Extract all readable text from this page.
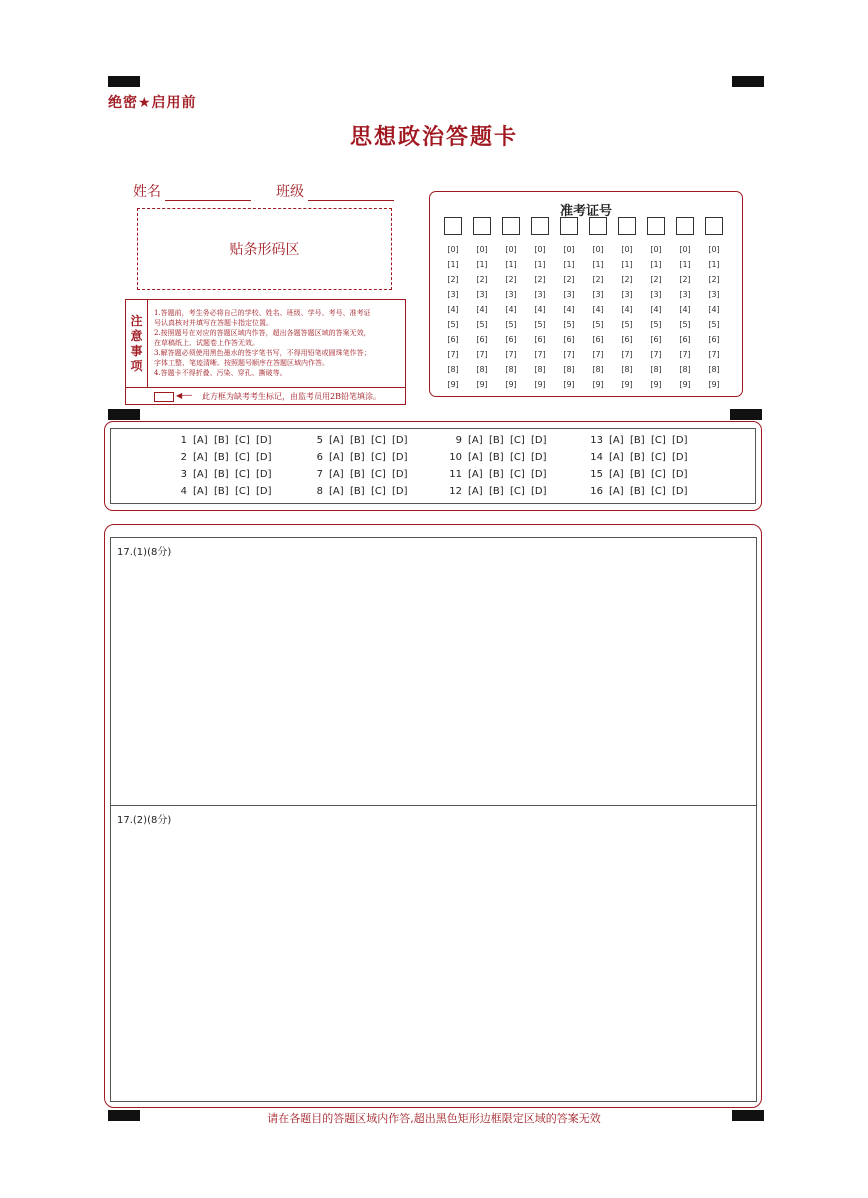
绝密★启用前
思想政治答题卡
姓名	班级
贴条形码区
注
意
事
项
1.答题前，考生务必将自己的学校、姓名、班级、学号、考号、准考证
号认真核对并填写在答题卡指定位置。
2.按照题号在对应的答题区域内作答，超出各题答题区域的答案无效，
在草稿纸上、试题卷上作答无效。
3.解答题必须使用黑色墨水的签字笔书写，不得用铅笔或圆珠笔作答；
字体工整、笔迹清晰。按照题号顺序在答题区域内作答。
4.答题卡不得折叠、污染、穿孔、撕破等。
◀── 此方框为缺考考生标记，由监考员用2B铅笔填涂。
准考证号
[0]
[1]
[2]
[3]
[4]
[5]
[6]
[7]
[8]
[9]
[0]
[1]
[2]
[3]
[4]
[5]
[6]
[7]
[8]
[9]
[0]
[1]
[2]
[3]
[4]
[5]
[6]
[7]
[8]
[9]
[0]
[1]
[2]
[3]
[4]
[5]
[6]
[7]
[8]
[9]
[0]
[1]
[2]
[3]
[4]
[5]
[6]
[7]
[8]
[9]
[0]
[1]
[2]
[3]
[4]
[5]
[6]
[7]
[8]
[9]
[0]
[1]
[2]
[3]
[4]
[5]
[6]
[7]
[8]
[9]
[0]
[1]
[2]
[3]
[4]
[5]
[6]
[7]
[8]
[9]
[0]
[1]
[2]
[3]
[4]
[5]
[6]
[7]
[8]
[9]
[0]
[1]
[2]
[3]
[4]
[5]
[6]
[7]
[8]
[9]
1 [A] [B] [C] [D]
2 [A] [B] [C] [D]
3 [A] [B] [C] [D]
4 [A] [B] [C] [D]
5 [A] [B] [C] [D]
6 [A] [B] [C] [D]
7 [A] [B] [C] [D]
8 [A] [B] [C] [D]
9 [A] [B] [C] [D]
10 [A] [B] [C] [D]
11 [A] [B] [C] [D]
12 [A] [B] [C] [D]
13 [A] [B] [C] [D]
14 [A] [B] [C] [D]
15 [A] [B] [C] [D]
16 [A] [B] [C] [D]
17.(1)(8分)
17.(2)(8分)
请在各题目的答题区域内作答,超出黑色矩形边框限定区域的答案无效
